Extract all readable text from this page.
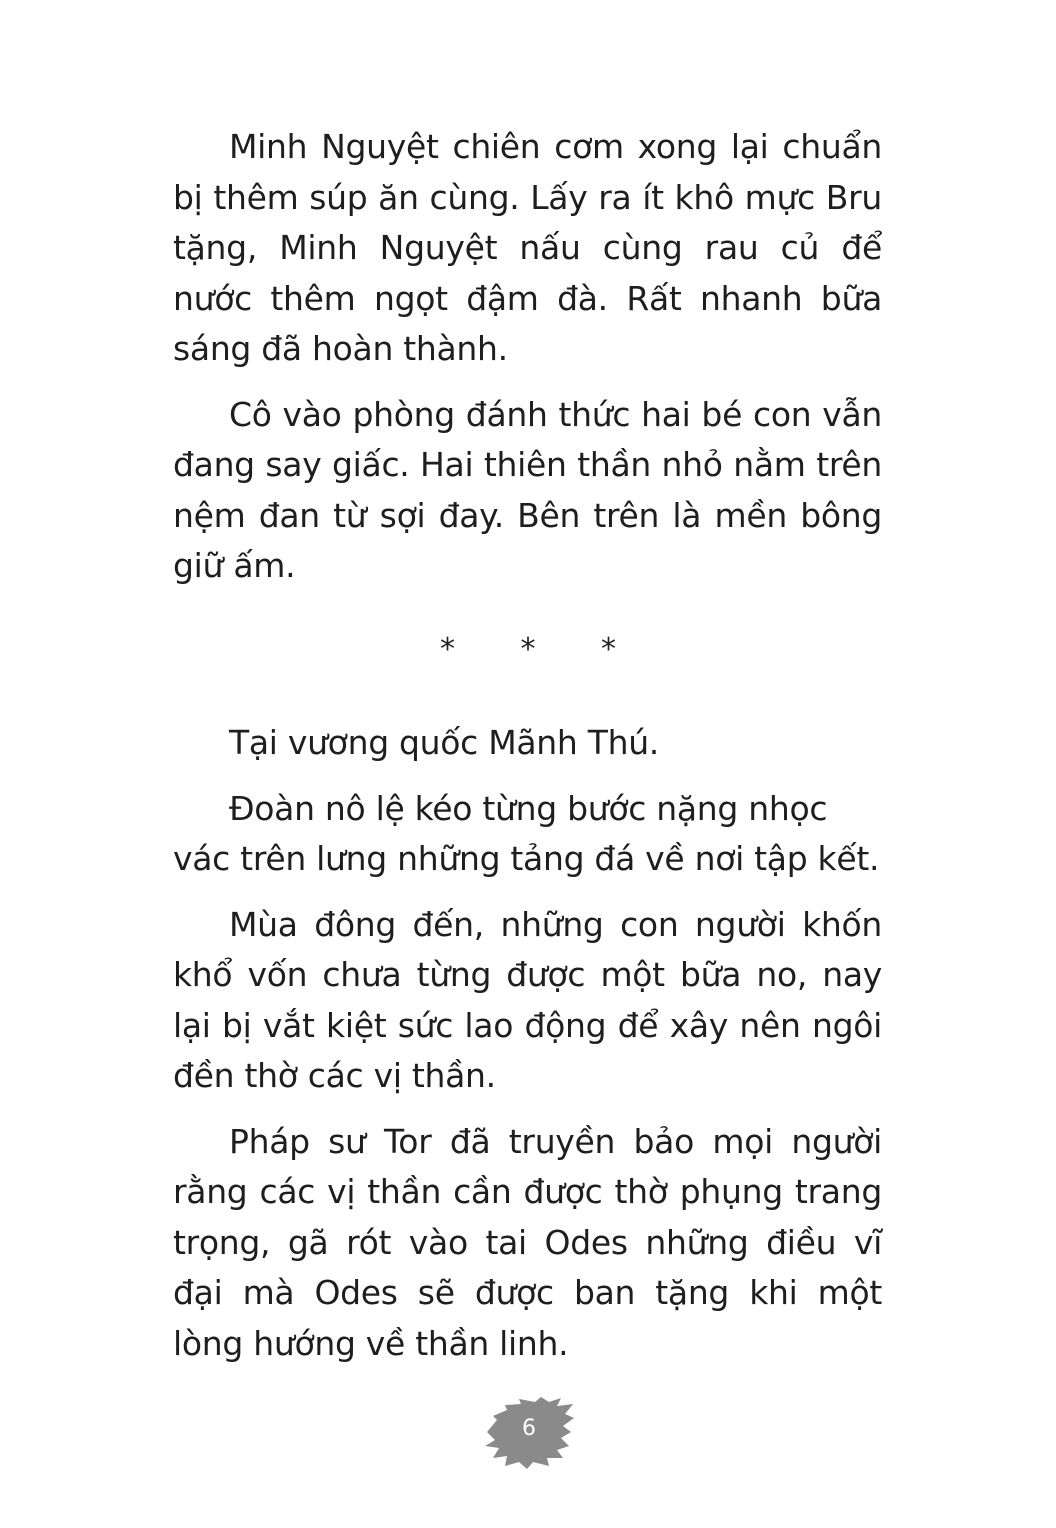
Minh Nguyệt chiên cơm xong lại chuẩn bị thêm súp ăn cùng. Lấy ra ít khô mực Bru tặng, Minh Nguyệt nấu cùng rau củ để nước thêm ngọt đậm đà. Rất nhanh bữa sáng đã hoàn thành.

Cô vào phòng đánh thức hai bé con vẫn đang say giấc. Hai thiên thần nhỏ nằm trên nệm đan từ sợi đay. Bên trên là mền bông giữ ấm.

* * *

Tại vương quốc Mãnh Thú.

Đoàn nô lệ kéo từng bước nặng nhọc vác trên lưng những tảng đá về nơi tập kết.

Mùa đông đến, những con người khốn khổ vốn chưa từng được một bữa no, nay lại bị vắt kiệt sức lao động để xây nên ngôi đền thờ các vị thần.

Pháp sư Tor đã truyền bảo mọi người rằng các vị thần cần được thờ phụng trang trọng, gã rót vào tai Odes những điều vĩ đại mà Odes sẽ được ban tặng khi một lòng hướng về thần linh.

6
